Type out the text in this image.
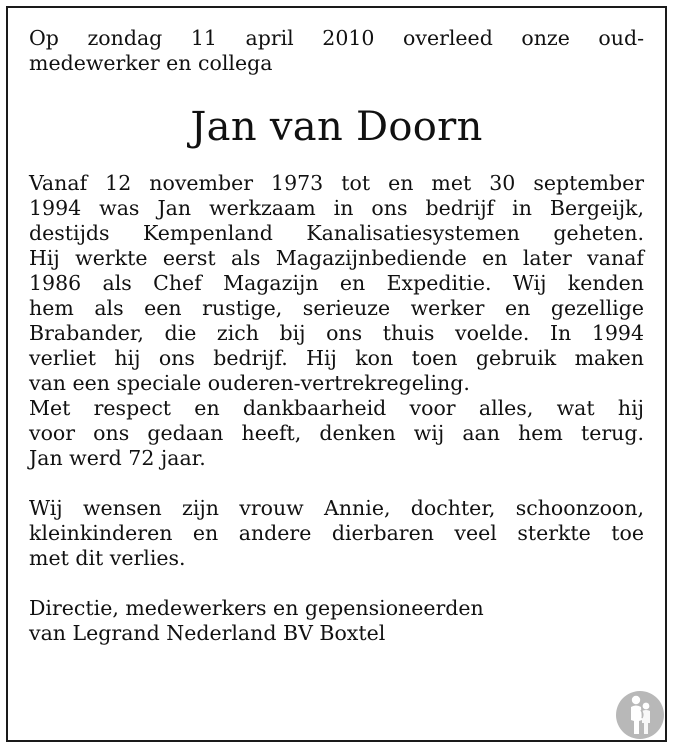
Op zondag 11 april 2010 overleed onze oud-
medewerker en collega
Jan van Doorn
Vanaf 12 november 1973 tot en met 30 september
1994 was Jan werkzaam in ons bedrijf in Bergeijk,
destijds Kempenland Kanalisatiesystemen geheten.
Hij werkte eerst als Magazijnbediende en later vanaf
1986 als Chef Magazijn en Expeditie. Wij kenden
hem als een rustige, serieuze werker en gezellige
Brabander, die zich bij ons thuis voelde. In 1994
verliet hij ons bedrijf. Hij kon toen gebruik maken
van een speciale ouderen-vertrekregeling.
Met respect en dankbaarheid voor alles, wat hij
voor ons gedaan heeft, denken wij aan hem terug.
Jan werd 72 jaar.
Wij wensen zijn vrouw Annie, dochter, schoonzoon,
kleinkinderen en andere dierbaren veel sterkte toe
met dit verlies.
Directie, medewerkers en gepensioneerden
van Legrand Nederland BV Boxtel
